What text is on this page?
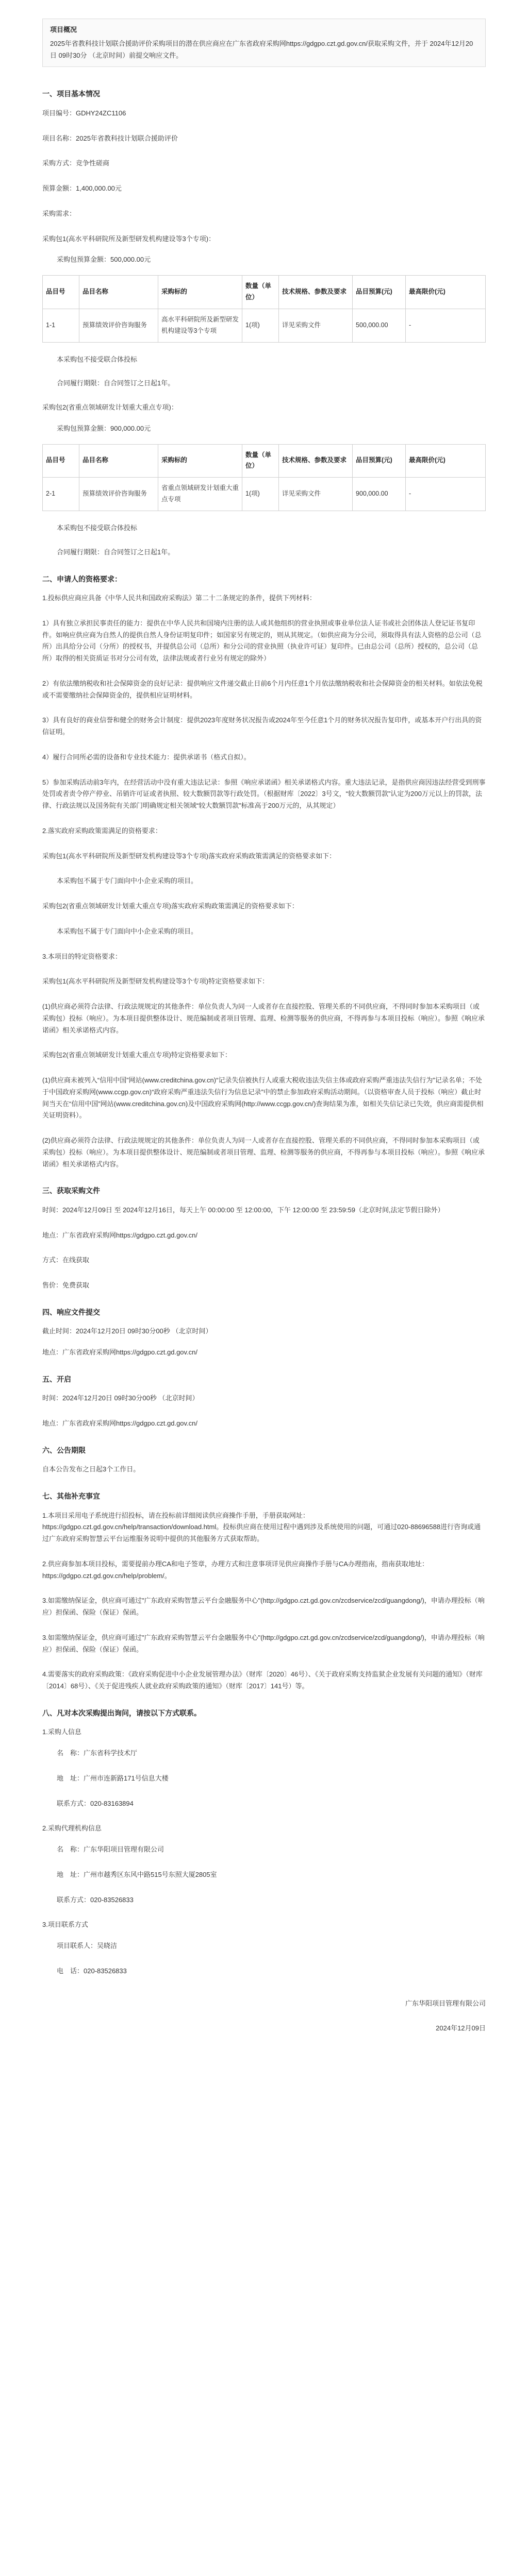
项目概况

2025年省教科技计划联合援助评价采购项目的潜在供应商应在广东省政府采购网https://gdgpo.czt.gd.gov.cn/获取采购文件，并于 2024年12月20日 09时30分 （北京时间）前提交响应文件。

一、项目基本情况

项目编号：GDHY24ZC1106

项目名称：2025年省教科技计划联合援助评价

采购方式：竞争性磋商

预算金额：1,400,000.00元

采购需求：

采购包1(高水平科研院所及新型研发机构建设等3个专项)：

采购包预算金额：500,000.00元

品目号	品目名称	采购标的	数量（单位）	技术规格、参数及要求	品目预算(元)	最高限价(元)
1-1	预算绩效评价咨询服务	高水平科研院所及新型研发机构建设等3个专项	1(项)	详见采购文件	500,000.00	-

本采购包不接受联合体投标

合同履行期限：自合同签订之日起1年。

采购包2(省重点领域研发计划重大重点专项)：

采购包预算金额：900,000.00元

品目号	品目名称	采购标的	数量（单位）	技术规格、参数及要求	品目预算(元)	最高限价(元)
2-1	预算绩效评价咨询服务	省重点领域研发计划重大重点专项	1(项)	详见采购文件	900,000.00	-

本采购包不接受联合体投标

合同履行期限：自合同签订之日起1年。

二、申请人的资格要求：

1.投标供应商应具备《中华人民共和国政府采购法》第二十二条规定的条件，提供下列材料：

1）具有独立承担民事责任的能力：提供在中华人民共和国境内注册的法人或其他组织的营业执照或事业单位法人证书或社会团体法人登记证书复印件。如响应供应商为自然人的提供自然人身份证明复印件；如国家另有规定的，则从其规定。（如供应商为分公司，须取得具有法人资格的总公司（总所）出具给分公司（分所）的授权书，并提供总公司（总所）和分公司的营业执照（执业许可证）复印件。已由总公司（总所）授权的，总公司（总所）取得的相关资质证书对分公司有效，法律法规或者行业另有规定的除外）

2）有依法缴纳税收和社会保障资金的良好记录：提供响应文件递交截止日前6个月内任意1个月依法缴纳税收和社会保障资金的相关材料。如依法免税或不需要缴纳社会保障资金的，提供相应证明材料。

3）具有良好的商业信誉和健全的财务会计制度：提供2023年度财务状况报告或2024年至今任意1个月的财务状况报告复印件，或基本开户行出具的资信证明。

4）履行合同所必需的设备和专业技术能力：提供承诺书（格式自拟）。

5）参加采购活动前3年内，在经营活动中没有重大违法记录：参照《响应承诺函》相关承诺格式内容。重大违法记录，是指供应商因违法经营受到刑事处罚或者责令停产停业、吊销许可证或者执照、较大数额罚款等行政处罚。（根据财库〔2022〕3号文，“较大数额罚款”认定为200万元以上的罚款，法律、行政法规以及国务院有关部门明确规定相关领域“较大数额罚款”标准高于200万元的，从其规定）

2.落实政府采购政策需满足的资格要求：

采购包1(高水平科研院所及新型研发机构建设等3个专项)落实政府采购政策需满足的资格要求如下：

本采购包不属于专门面向中小企业采购的项目。

采购包2(省重点领域研发计划重大重点专项)落实政府采购政策需满足的资格要求如下：

本采购包不属于专门面向中小企业采购的项目。

3.本项目的特定资格要求：

采购包1(高水平科研院所及新型研发机构建设等3个专项)特定资格要求如下：

(1)供应商必须符合法律、行政法规规定的其他条件：单位负责人为同一人或者存在直接控股、管理关系的不同供应商，不得同时参加本采购项目（或采购包）投标（响应）。为本项目提供整体设计、规范编制或者项目管理、监理、检测等服务的供应商，不得再参与本项目投标（响应）。参照《响应承诺函》相关承诺格式内容。

采购包2(省重点领域研发计划重大重点专项)特定资格要求如下：

(1)供应商未被列入“信用中国”网站(www.creditchina.gov.cn)“记录失信被执行人或重大税收违法失信主体或政府采购严重违法失信行为”记录名单；不处于中国政府采购网(www.ccgp.gov.cn)“政府采购严重违法失信行为信息记录”中的禁止参加政府采购活动期间。（以资格审查人员于投标（响应）截止时间当天在“信用中国”网站(www.creditchina.gov.cn)及中国政府采购网(http://www.ccgp.gov.cn/)查询结果为准，如相关失信记录已失效，供应商需提供相关证明资料）。

(2)供应商必须符合法律、行政法规规定的其他条件：单位负责人为同一人或者存在直接控股、管理关系的不同供应商，不得同时参加本采购项目（或采购包）投标（响应）。为本项目提供整体设计、规范编制或者项目管理、监理、检测等服务的供应商，不得再参与本项目投标（响应）。参照《响应承诺函》相关承诺格式内容。

三、获取采购文件

时间：2024年12月09日 至 2024年12月16日，每天上午 00:00:00 至 12:00:00，下午 12:00:00 至 23:59:59（北京时间,法定节假日除外）

地点：广东省政府采购网https://gdgpo.czt.gd.gov.cn/

方式：在线获取

售价：免费获取

四、响应文件提交

截止时间：2024年12月20日 09时30分00秒 （北京时间）

地点：广东省政府采购网https://gdgpo.czt.gd.gov.cn/

五、开启

时间：2024年12月20日 09时30分00秒 （北京时间）

地点：广东省政府采购网https://gdgpo.czt.gd.gov.cn/

六、公告期限

自本公告发布之日起3个工作日。

七、其他补充事宜

1.本项目采用电子系统进行招投标，请在投标前详细阅读供应商操作手册，手册获取网址：https://gdgpo.czt.gd.gov.cn/help/transaction/download.html。投标供应商在使用过程中遇到涉及系统使用的问题，可通过020-88696588进行咨询或通过广东政府采购智慧云平台运维服务说明中提供的其他服务方式获取帮助。

2.供应商参加本项目投标，需要提前办理CA和电子签章，办理方式和注意事项详见供应商操作手册与CA办理指南，指南获取地址：https://gdgpo.czt.gd.gov.cn/help/problem/。

3.如需缴纳保证金，供应商可通过"广东政府采购智慧云平台金融服务中心"(http://gdgpo.czt.gd.gov.cn/zcdservice/zcd/guangdong/)，申请办理投标（响应）担保函、保险（保证）保函。

3.如需缴纳保证金，供应商可通过"广东政府采购智慧云平台金融服务中心"(http://gdgpo.czt.gd.gov.cn/zcdservice/zcd/guangdong/)，申请办理投标（响应）担保函、保险（保证）保函。

4.需要落实的政府采购政策：《政府采购促进中小企业发展管理办法》（财库〔2020〕46号）、《关于政府采购支持监狱企业发展有关问题的通知》（财库〔2014〕68号）、《关于促进残疾人就业政府采购政策的通知》（财库〔2017〕141号）等。

八、凡对本次采购提出询问，请按以下方式联系。

1.采购人信息

名　称：广东省科学技术厅

地　址：广州市连新路171号信息大楼

联系方式：020-83163894

2.采购代理机构信息

名　称：广东华阳项目管理有限公司

地　址：广州市越秀区东风中路515号东照大厦2805室

联系方式：020-83526833

3.项目联系方式

项目联系人：吴晓洁

电　话：020-83526833

广东华阳项目管理有限公司

2024年12月09日
